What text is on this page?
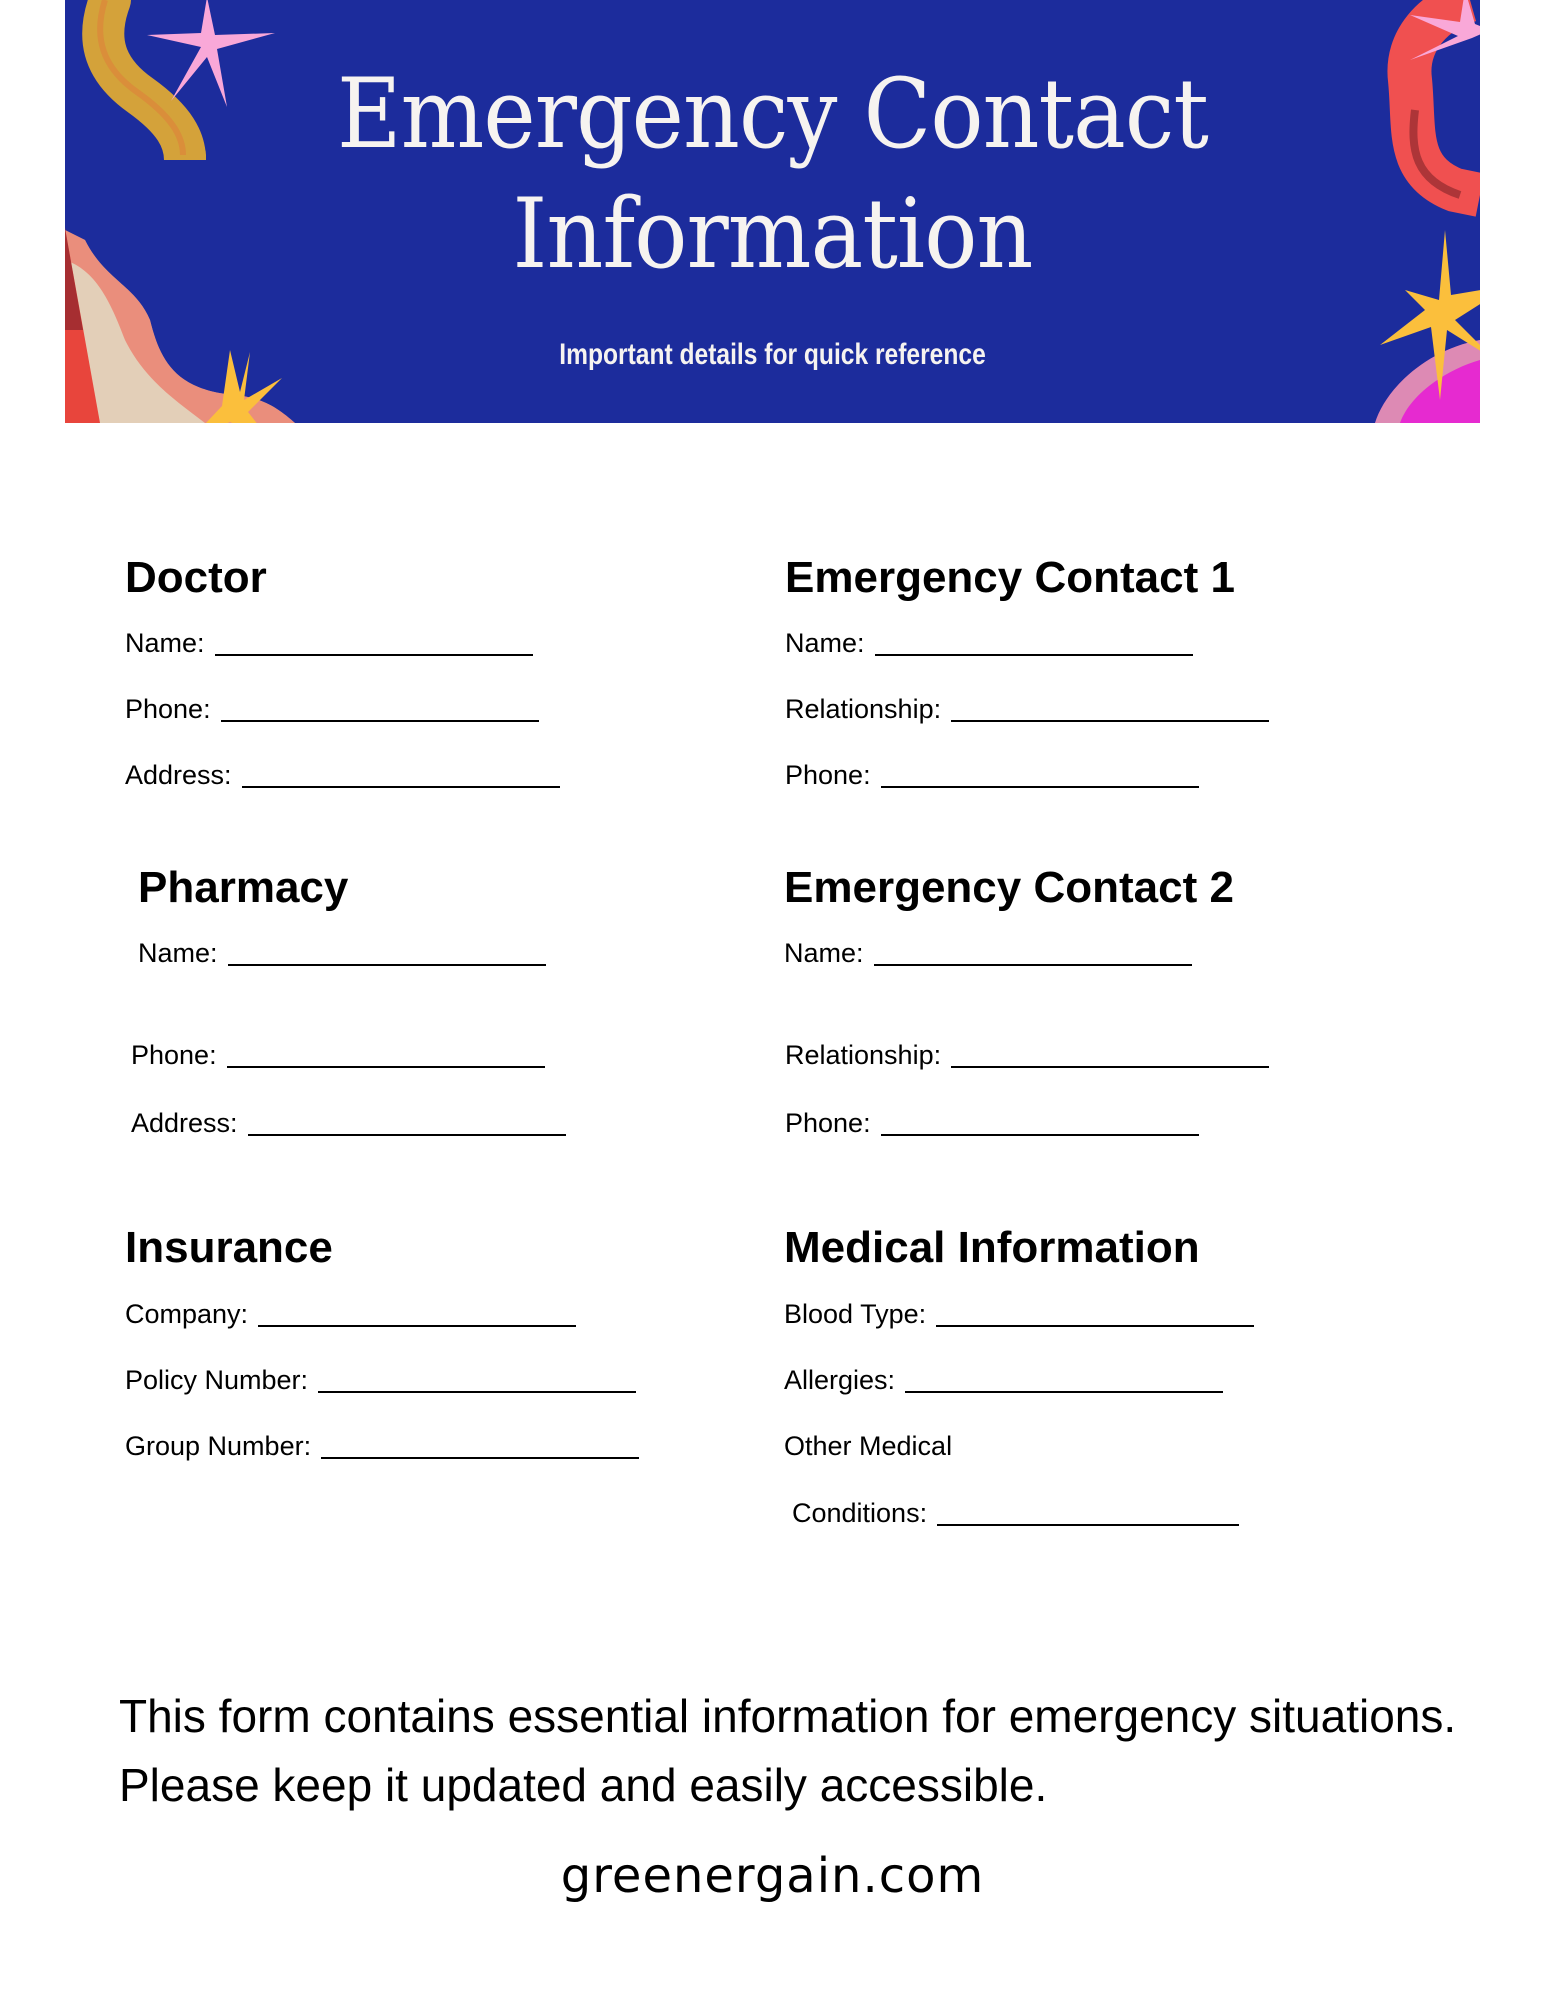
Emergency Contact
Information
Important details for quick reference
Doctor
Name:
Phone:
Address:
Pharmacy
Name:
Phone:
Address:
Insurance
Company:
Policy Number:
Group Number:
Emergency Contact 1
Name:
Relationship:
Phone:
Emergency Contact 2
Name:
Relationship:
Phone:
Medical Information
Blood Type:
Allergies:
Other Medical
Conditions:

This form contains essential information for emergency situations. Please keep it updated and easily accessible.

greenergain.com
